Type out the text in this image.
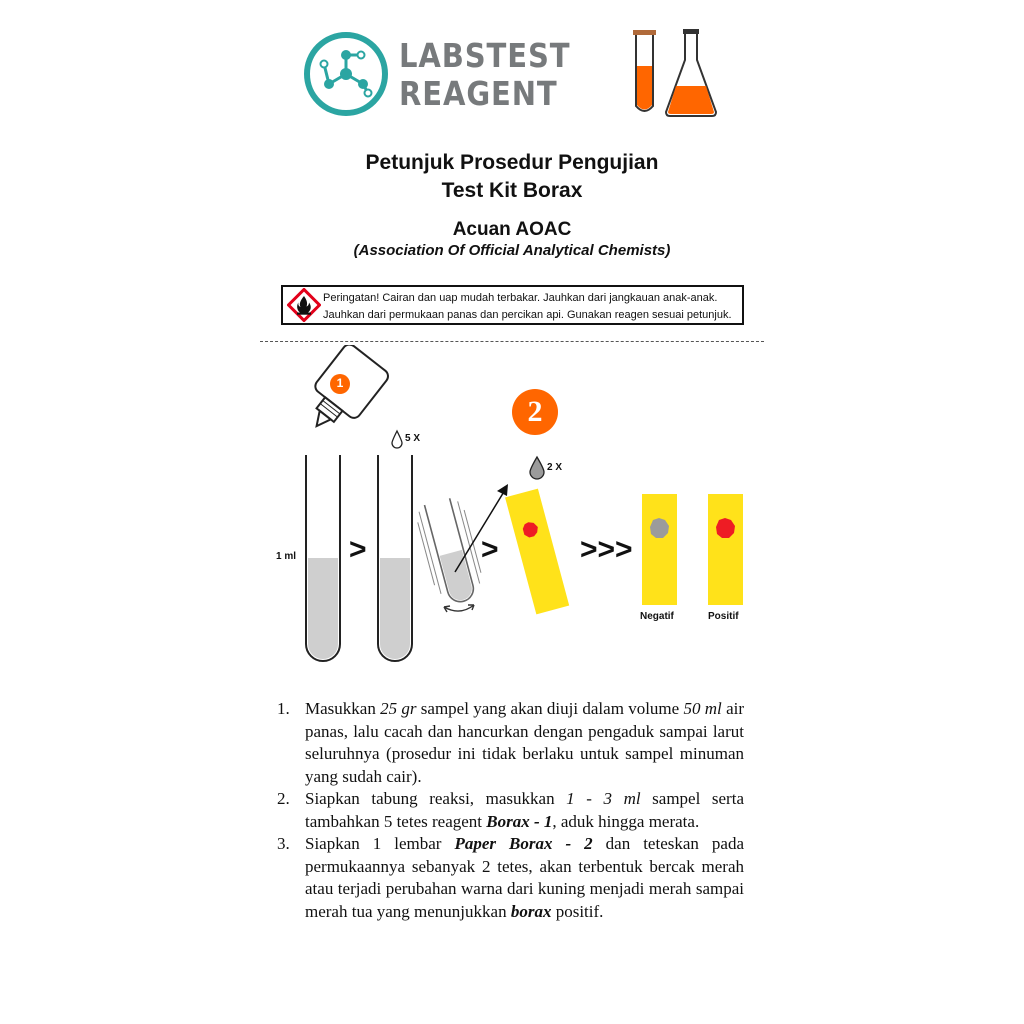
LABSTEST
REAGENT
Petunjuk Prosedur Pengujian
Test Kit Borax
Acuan AOAC
(Association Of Official Analytical Chemists)
Peringatan! Cairan dan uap mudah terbakar. Jauhkan dari jangkauan anak-anak.
Jauhkan dari permukaan panas dan percikan api. Gunakan reagen sesuai petunjuk.
1
2
5 X
2 X
1 ml >	>	>>>
Negatif	Positif
1. Masukkan 25 gr sampel yang akan diuji dalam volume 50 ml air panas, lalu cacah dan hancurkan dengan pengaduk sampai larut seluruhnya (prosedur ini tidak berlaku untuk sampel minuman yang sudah cair).
2. Siapkan tabung reaksi, masukkan 1 - 3 ml sampel serta tambahkan 5 tetes reagent Borax - 1, aduk hingga merata.
3. Siapkan 1 lembar Paper Borax - 2 dan teteskan pada permukaannya sebanyak 2 tetes, akan terbentuk bercak merah atau terjadi perubahan warna dari kuning menjadi merah sampai merah tua yang menunjukkan borax positif.
